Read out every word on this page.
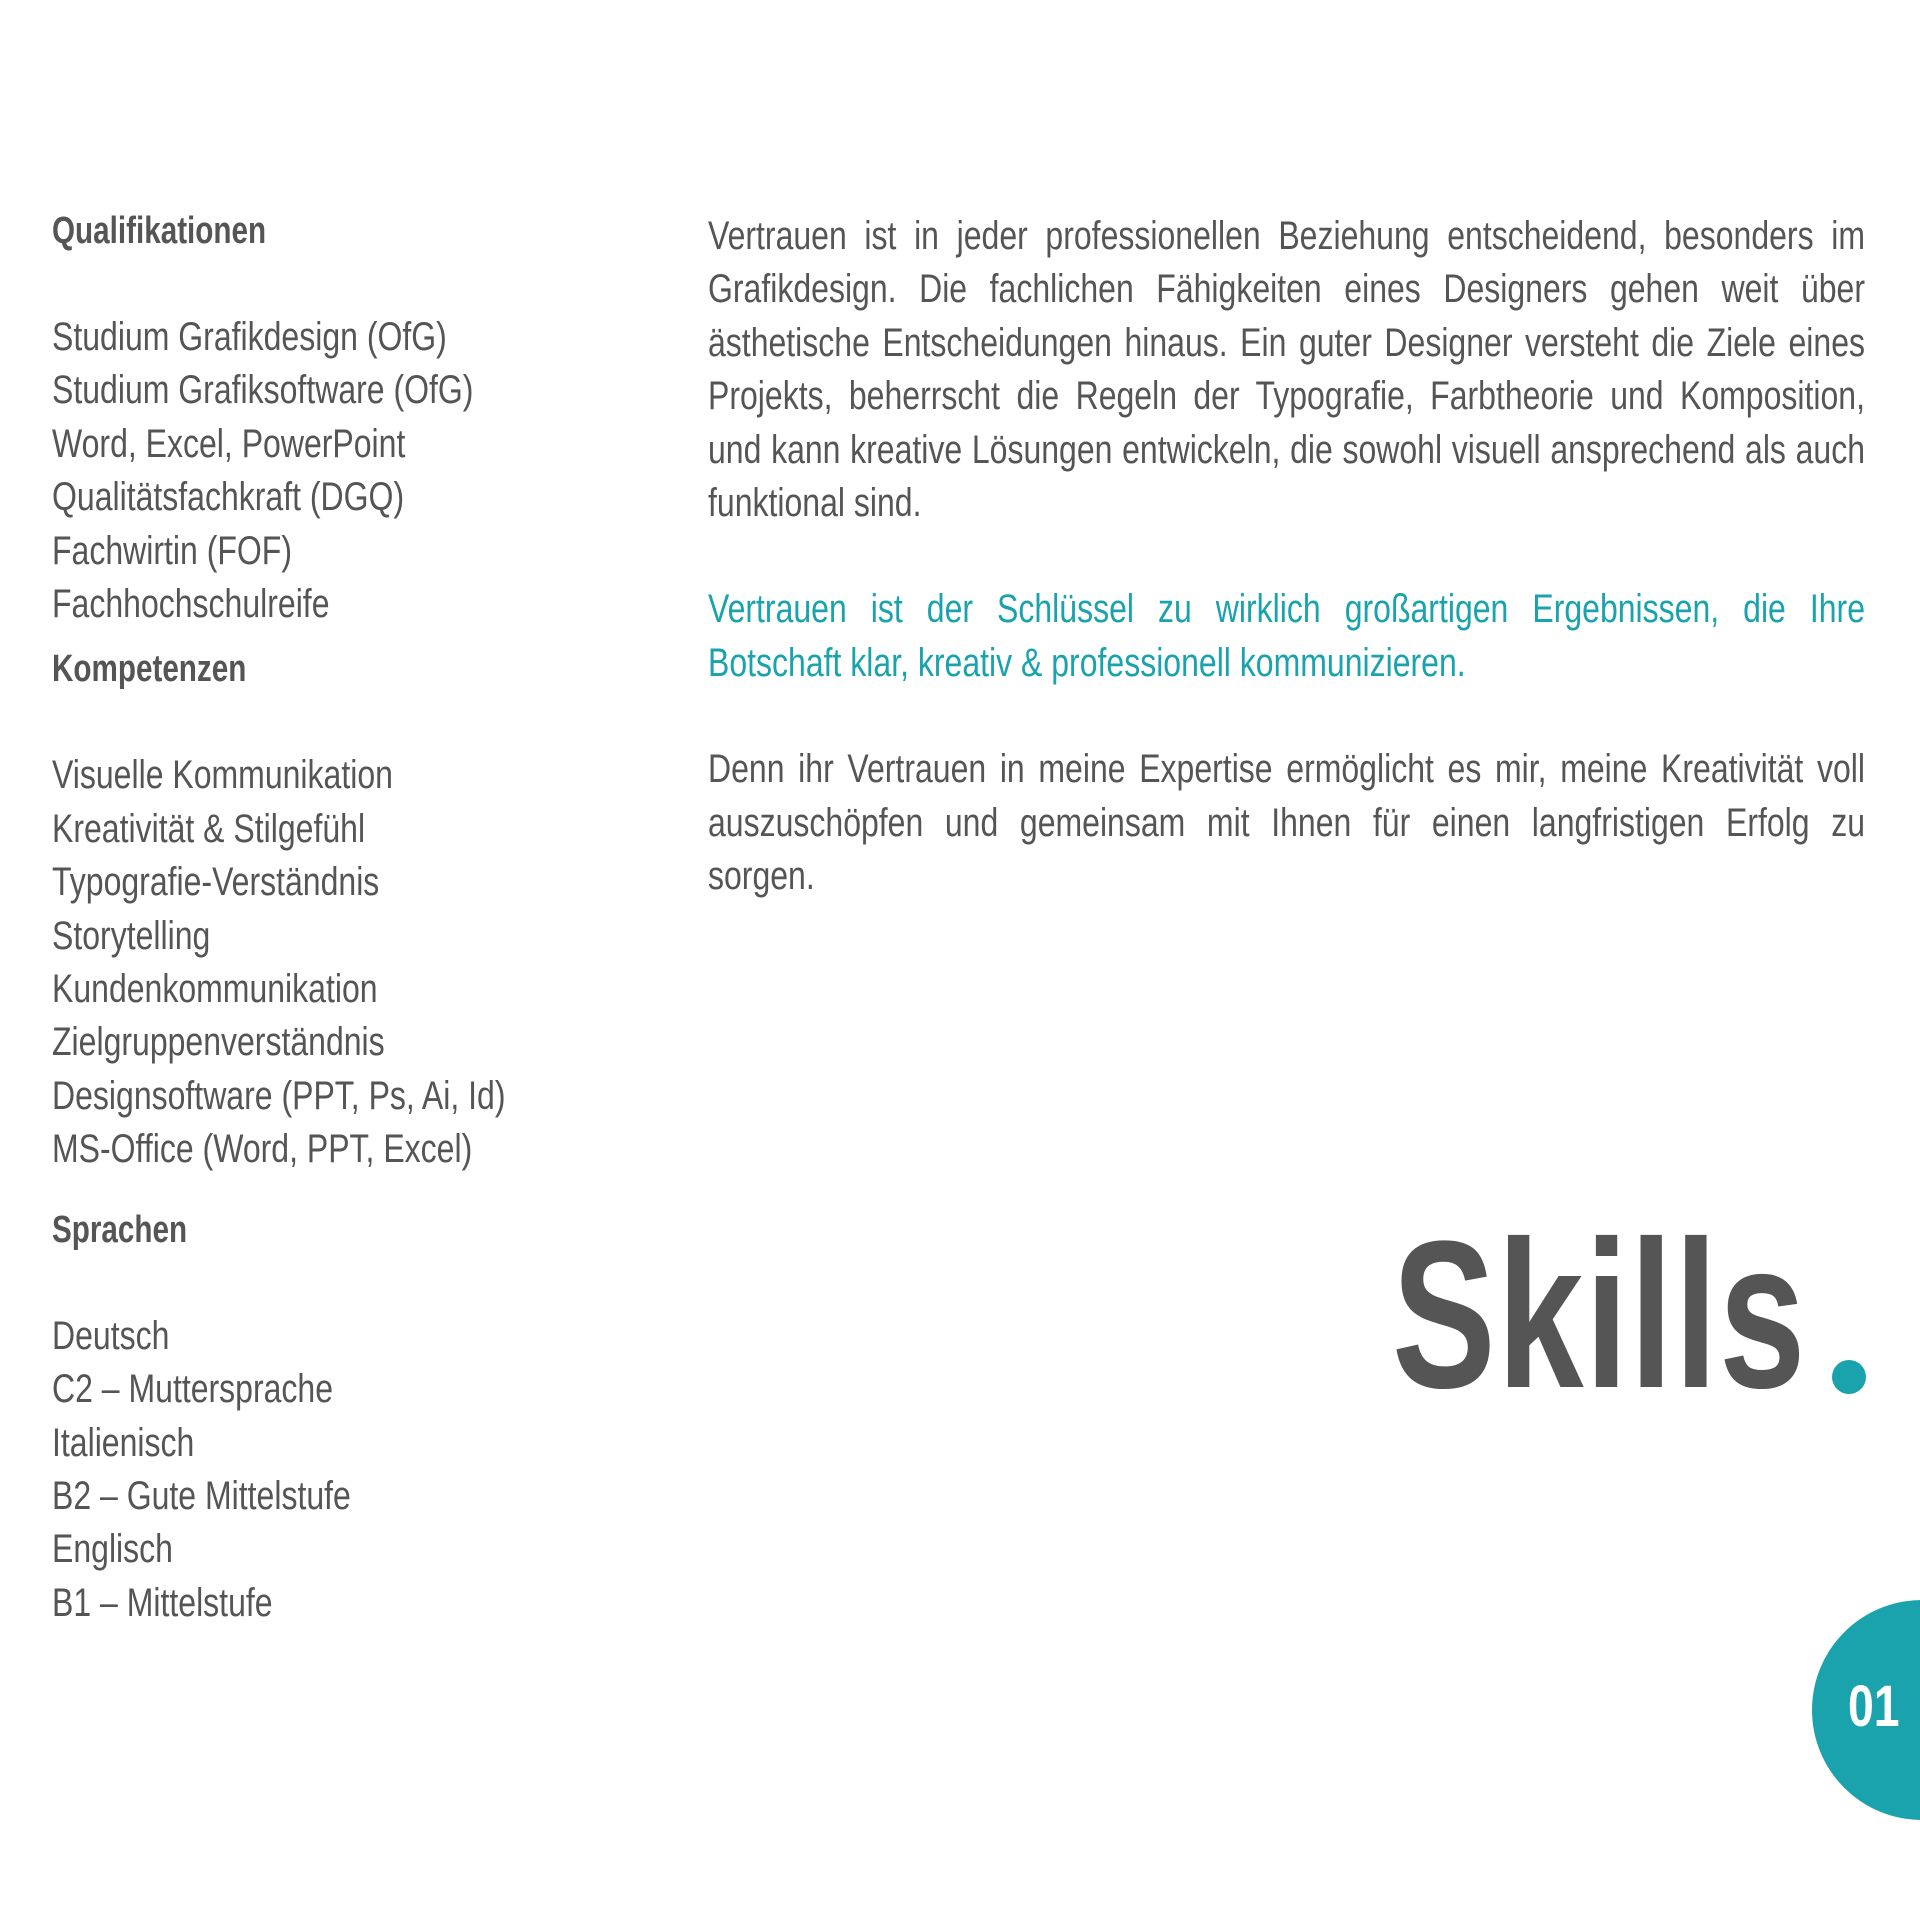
Qualifikationen
Studium Grafikdesign (OfG)
Studium Grafiksoftware (OfG)
Word, Excel, PowerPoint
Qualitätsfachkraft (DGQ)
Fachwirtin (FOF)
Fachhochschulreife
Kompetenzen
Visuelle Kommunikation
Kreativität & Stilgefühl
Typografie-Verständnis
Storytelling
Kundenkommunikation
Zielgruppenverständnis
Designsoftware (PPT, Ps, Ai, Id)
MS-Office (Word, PPT, Excel)
Sprachen
Deutsch
C2 – Muttersprache
Italienisch
B2 – Gute Mittelstufe
Englisch
B1 – Mittelstufe

Vertrauen ist in jeder professionellen Beziehung entscheidend, besonders im Grafikdesign. Die fachlichen Fähigkeiten eines Designers gehen weit über ästhetische Entscheidungen hinaus. Ein guter Designer versteht die Ziele eines Projekts, beherrscht die Regeln der Typografie, Farbtheorie und Komposition, und kann kreative Lösungen entwickeln, die sowohl visuell ansprechend als auch funktional sind.

Vertrauen ist der Schlüssel zu wirklich großartigen Ergebnissen, die Ihre Botschaft klar, kreativ & professionell kommunizieren.

Denn ihr Vertrauen in meine Expertise ermöglicht es mir, meine Kreativität voll auszuschöpfen und gemeinsam mit Ihnen für einen langfristigen Erfolg zu sorgen.

Skills
01
